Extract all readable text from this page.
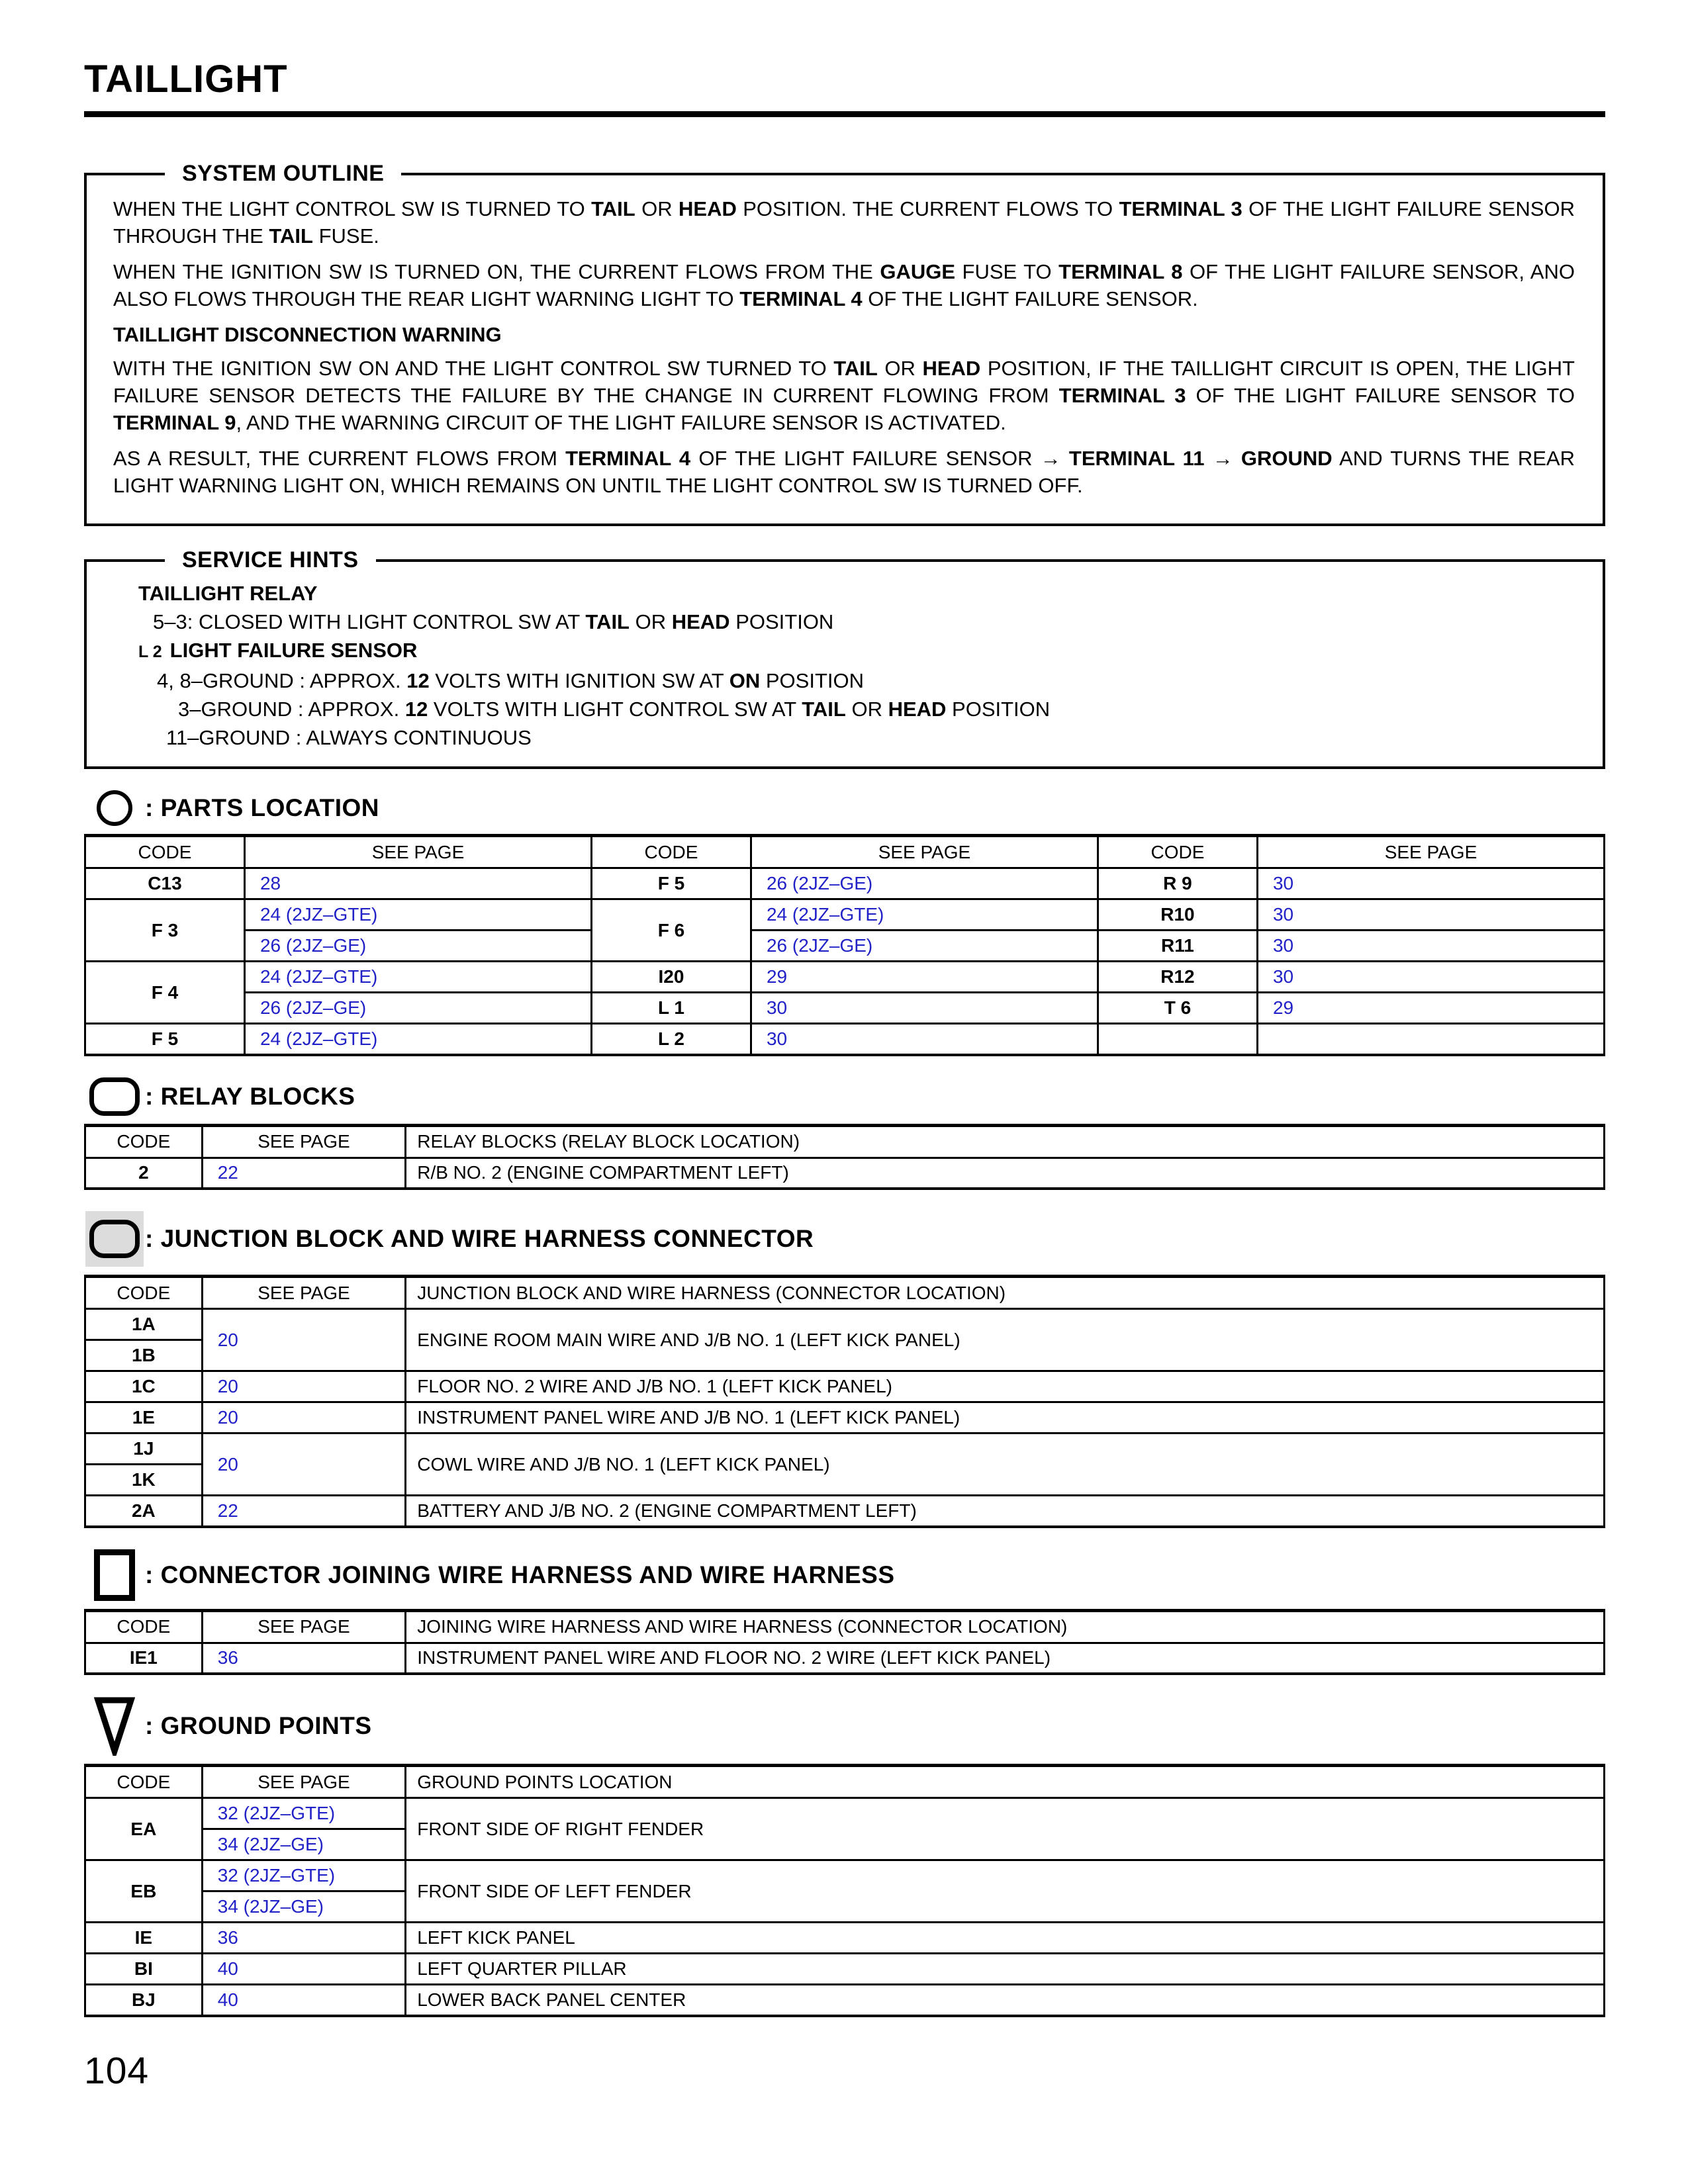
TAILLIGHT
SYSTEM OUTLINE
WHEN THE LIGHT CONTROL SW IS TURNED TO TAIL OR HEAD POSITION. THE CURRENT FLOWS TO TERMINAL 3 OF THE LIGHT FAILURE SENSOR THROUGH THE TAIL FUSE.
WHEN THE IGNITION SW IS TURNED ON, THE CURRENT FLOWS FROM THE GAUGE FUSE TO TERMINAL 8 OF THE LIGHT FAILURE SENSOR, ANO ALSO FLOWS THROUGH THE REAR LIGHT WARNING LIGHT TO TERMINAL 4 OF THE LIGHT FAILURE SENSOR.
TAILLIGHT DISCONNECTION WARNING
WITH THE IGNITION SW ON AND THE LIGHT CONTROL SW TURNED TO TAIL OR HEAD POSITION, IF THE TAILLIGHT CIRCUIT IS OPEN, THE LIGHT FAILURE SENSOR DETECTS THE FAILURE BY THE CHANGE IN CURRENT FLOWING FROM TERMINAL 3 OF THE LIGHT FAILURE SENSOR TO TERMINAL 9, AND THE WARNING CIRCUIT OF THE LIGHT FAILURE SENSOR IS ACTIVATED.
AS A RESULT, THE CURRENT FLOWS FROM TERMINAL 4 OF THE LIGHT FAILURE SENSOR → TERMINAL 11 → GROUND AND TURNS THE REAR LIGHT WARNING LIGHT ON, WHICH REMAINS ON UNTIL THE LIGHT CONTROL SW IS TURNED OFF.
SERVICE HINTS
TAILLIGHT RELAY
5–3: CLOSED WITH LIGHT CONTROL SW AT TAIL OR HEAD POSITION
L 2 LIGHT FAILURE SENSOR
4, 8–GROUND : APPROX. 12 VOLTS WITH IGNITION SW AT ON POSITION
3–GROUND : APPROX. 12 VOLTS WITH LIGHT CONTROL SW AT TAIL OR HEAD POSITION
11–GROUND : ALWAYS CONTINUOUS
: PARTS LOCATION
CODE	SEE PAGE	CODE	SEE PAGE	CODE	SEE PAGE
C13	28	F 5	26 (2JZ–GE)	R 9	30
F 3	24 (2JZ–GTE)	F 6	24 (2JZ–GTE)	R10	30
	26 (2JZ–GE)		26 (2JZ–GE)	R11	30
F 4	24 (2JZ–GTE)	I20	29	R12	30
	26 (2JZ–GE)	L 1	30	T 6	29
F 5	24 (2JZ–GTE)	L 2	30		
: RELAY BLOCKS
CODE	SEE PAGE	RELAY BLOCKS (RELAY BLOCK LOCATION)
2	22	R/B NO. 2 (ENGINE COMPARTMENT LEFT)
: JUNCTION BLOCK AND WIRE HARNESS CONNECTOR
CODE	SEE PAGE	JUNCTION BLOCK AND WIRE HARNESS (CONNECTOR LOCATION)
1A	20	ENGINE ROOM MAIN WIRE AND J/B NO. 1 (LEFT KICK PANEL)
1B		
1C	20	FLOOR NO. 2 WIRE AND J/B NO. 1 (LEFT KICK PANEL)
1E	20	INSTRUMENT PANEL WIRE AND J/B NO. 1 (LEFT KICK PANEL)
1J	20	COWL WIRE AND J/B NO. 1 (LEFT KICK PANEL)
1K		
2A	22	BATTERY AND J/B NO. 2 (ENGINE COMPARTMENT LEFT)
: CONNECTOR JOINING WIRE HARNESS AND WIRE HARNESS
CODE	SEE PAGE	JOINING WIRE HARNESS AND WIRE HARNESS (CONNECTOR LOCATION)
IE1	36	INSTRUMENT PANEL WIRE AND FLOOR NO. 2 WIRE (LEFT KICK PANEL)
: GROUND POINTS
CODE	SEE PAGE	GROUND POINTS LOCATION
EA	32 (2JZ–GTE)	FRONT SIDE OF RIGHT FENDER
	34 (2JZ–GE)	
EB	32 (2JZ–GTE)	FRONT SIDE OF LEFT FENDER
	34 (2JZ–GE)	
IE	36	LEFT KICK PANEL
BI	40	LEFT QUARTER PILLAR
BJ	40	LOWER BACK PANEL CENTER
104
